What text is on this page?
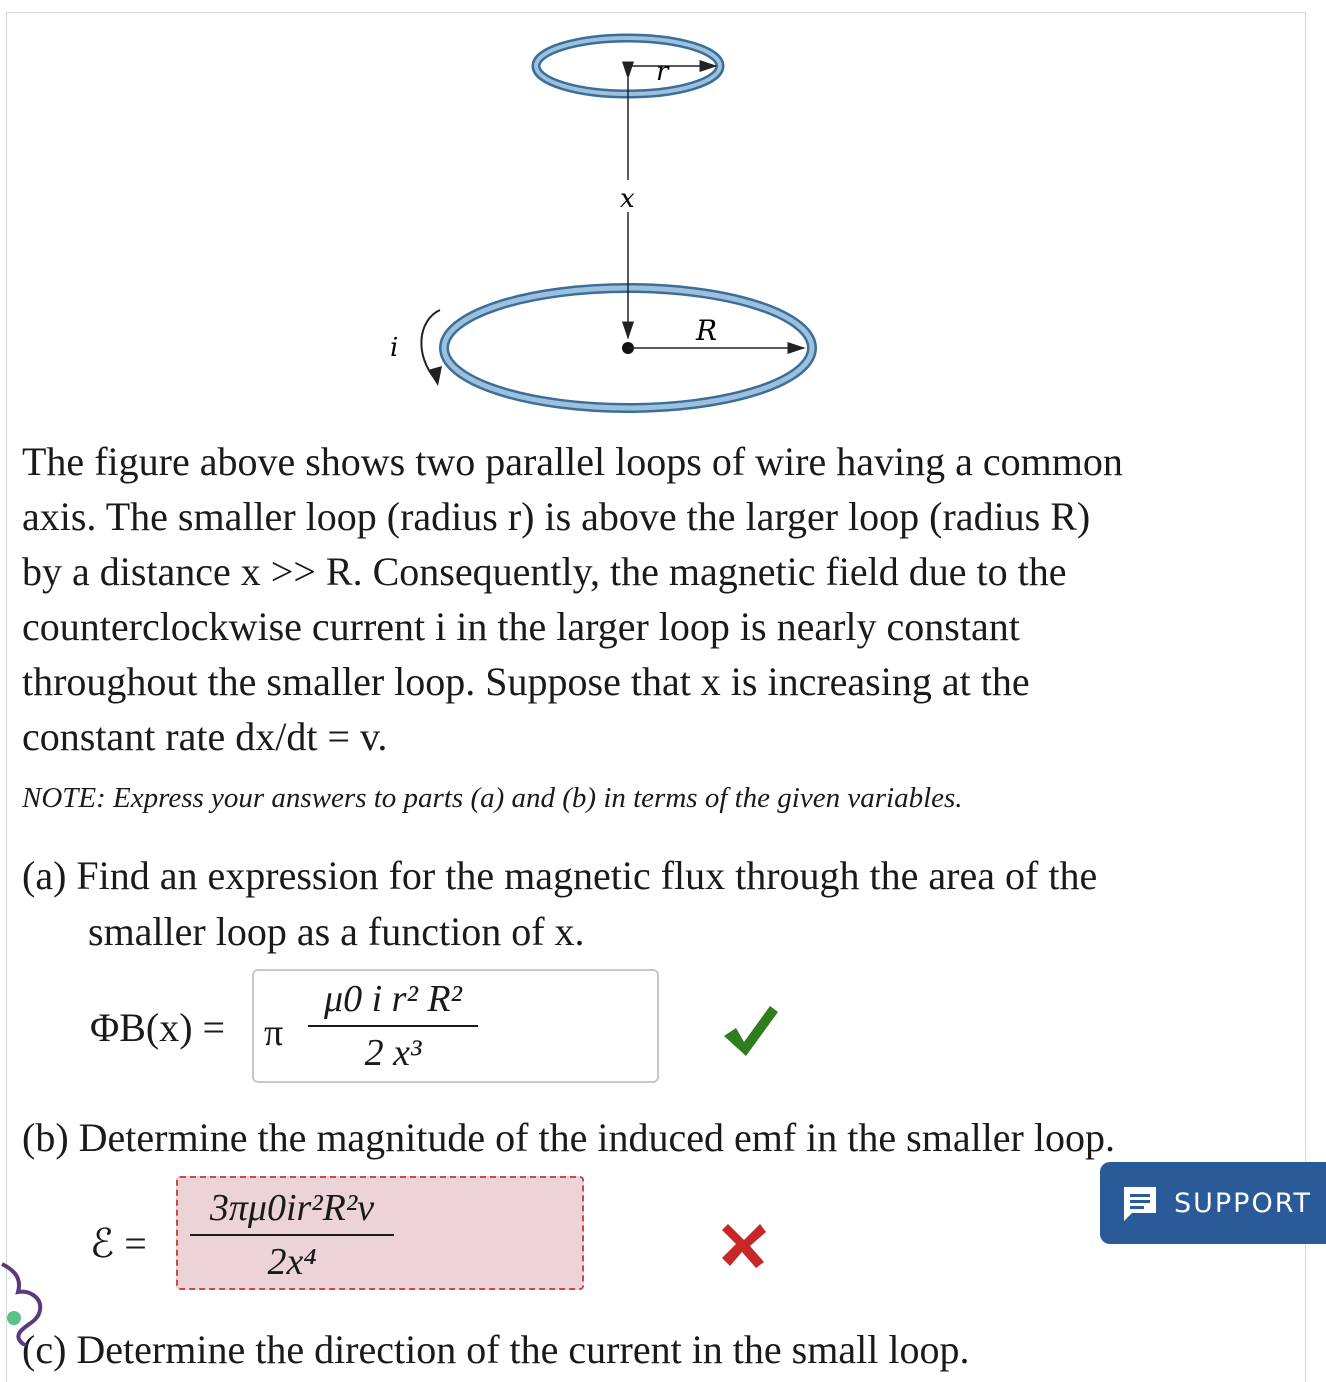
r
x
R
i

The figure above shows two parallel loops of wire having a common

axis. The smaller loop (radius r) is above the larger loop (radius R)

by a distance x >> R. Consequently, the magnetic field due to the

counterclockwise current i in the larger loop is nearly constant

throughout the smaller loop. Suppose that x is increasing at the

constant rate dx/dt = v.

NOTE: Express your answers to parts (a) and (b) in terms of the given variables.
(a) Find an expression for the magnetic flux through the area of the
smaller loop as a function of x.
ΦB(x) = π
μ0 i r² R²
2 x³
(b) Determine the magnitude of the induced emf in the smaller loop.
ℰ =
3πμ0ir²R²ν
2x⁴
SUPPORT
(c) Determine the direction of the current in the small loop.
